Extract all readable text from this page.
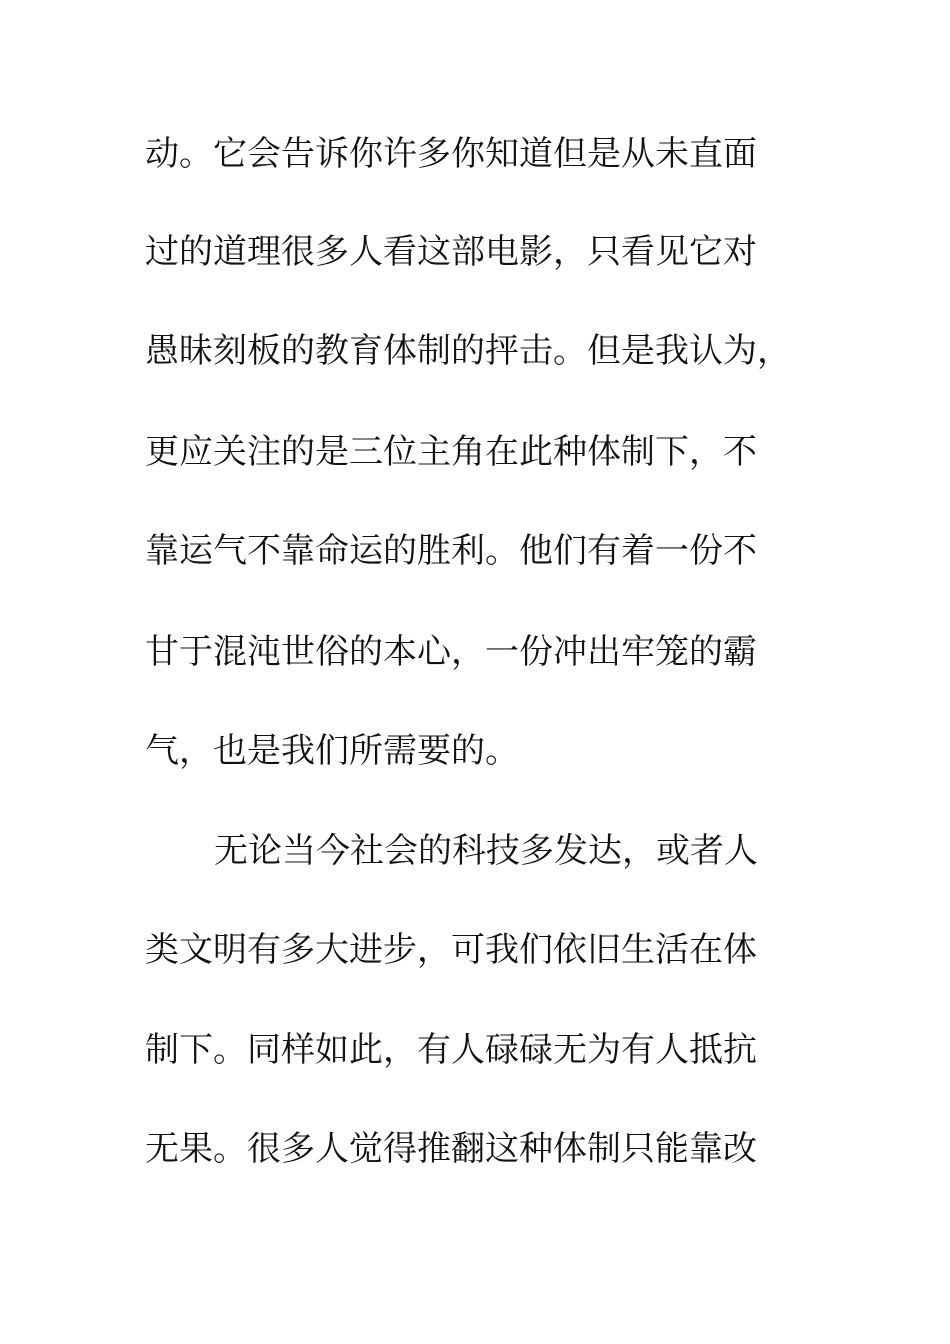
动。它会告诉你许多你知道但是从未直面
过的道理很多人看这部电影，只看见它对
愚昧刻板的教育体制的抨击。但是我认为，
更应关注的是三位主角在此种体制下，不
靠运气不靠命运的胜利。他们有着一份不
甘于混沌世俗的本心，一份冲出牢笼的霸
气，也是我们所需要的。
无论当今社会的科技多发达，或者人
类文明有多大进步，可我们依旧生活在体
制下。同样如此，有人碌碌无为有人抵抗
无果。很多人觉得推翻这种体制只能靠改
